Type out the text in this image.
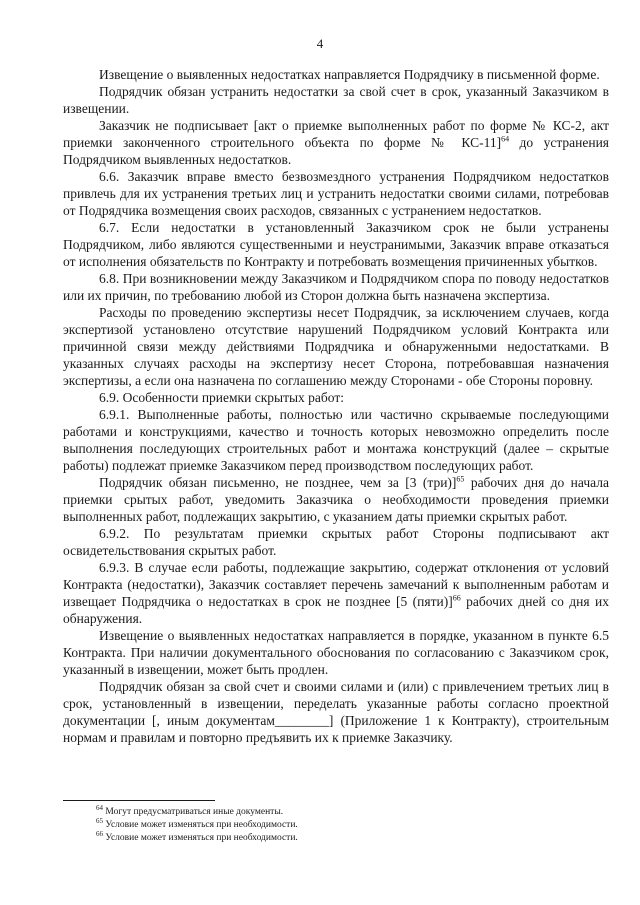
4

Извещение о выявленных недостатках направляется Подрядчику в письменной форме.

Подрядчик обязан устранить недостатки за свой счет в срок, указанный Заказчиком в извещении.

Заказчик не подписывает [акт о приемке выполненных работ по форме № КС-2, акт приемки законченного строительного объекта по форме № КС-11]$^{64}$ до устранения Подрядчиком выявленных недостатков.

6.6. Заказчик вправе вместо безвозмездного устранения Подрядчиком недостатков привлечь для их устранения третьих лиц и устранить недостатки своими силами, потребовав от Подрядчика возмещения своих расходов, связанных с устранением недостатков.

6.7. Если недостатки в установленный Заказчиком срок не были устранены Подрядчиком, либо являются существенными и неустранимыми, Заказчик вправе отказаться от исполнения обязательств по Контракту и потребовать возмещения причиненных убытков.

6.8. При возникновении между Заказчиком и Подрядчиком спора по поводу недостатков или их причин, по требованию любой из Сторон должна быть назначена экспертиза.

Расходы по проведению экспертизы несет Подрядчик, за исключением случаев, когда экспертизой установлено отсутствие нарушений Подрядчиком условий Контракта или причинной связи между действиями Подрядчика и обнаруженными недостатками. В указанных случаях расходы на экспертизу несет Сторона, потребовавшая назначения экспертизы, а если она назначена по соглашению между Сторонами - обе Стороны поровну.

6.9. Особенности приемки скрытых работ:

6.9.1. Выполненные работы, полностью или частично скрываемые последующими работами и конструкциями, качество и точность которых невозможно определить после выполнения последующих строительных работ и монтажа конструкций (далее – скрытые работы) подлежат приемке Заказчиком перед производством последующих работ.

Подрядчик обязан письменно, не позднее, чем за [3 (три)]$^{65}$ рабочих дня до начала приемки срытых работ, уведомить Заказчика о необходимости проведения приемки выполненных работ, подлежащих закрытию, с указанием даты приемки скрытых работ.

6.9.2. По результатам приемки скрытых работ Стороны подписывают акт освидетельствования скрытых работ.

6.9.3. В случае если работы, подлежащие закрытию, содержат отклонения от условий Контракта (недостатки), Заказчик составляет перечень замечаний к выполненным работам и извещает Подрядчика о недостатках в срок не позднее [5 (пяти)]$^{66}$ рабочих дней со дня их обнаружения.

Извещение о выявленных недостатках направляется в порядке, указанном в пункте 6.5 Контракта. При наличии документального обоснования по согласованию с Заказчиком срок, указанный в извещении, может быть продлен.

Подрядчик обязан за свой счет и своими силами и (или) с привлечением третьих лиц в срок, установленный в извещении, переделать указанные работы согласно проектной документации [, иным документам________] (Приложение 1 к Контракту), строительным нормам и правилам и повторно предъявить их к приемке Заказчику.

$^{64}$ Могут предусматриваться иные документы.
$^{65}$ Условие может изменяться при необходимости.
$^{66}$ Условие может изменяться при необходимости.
